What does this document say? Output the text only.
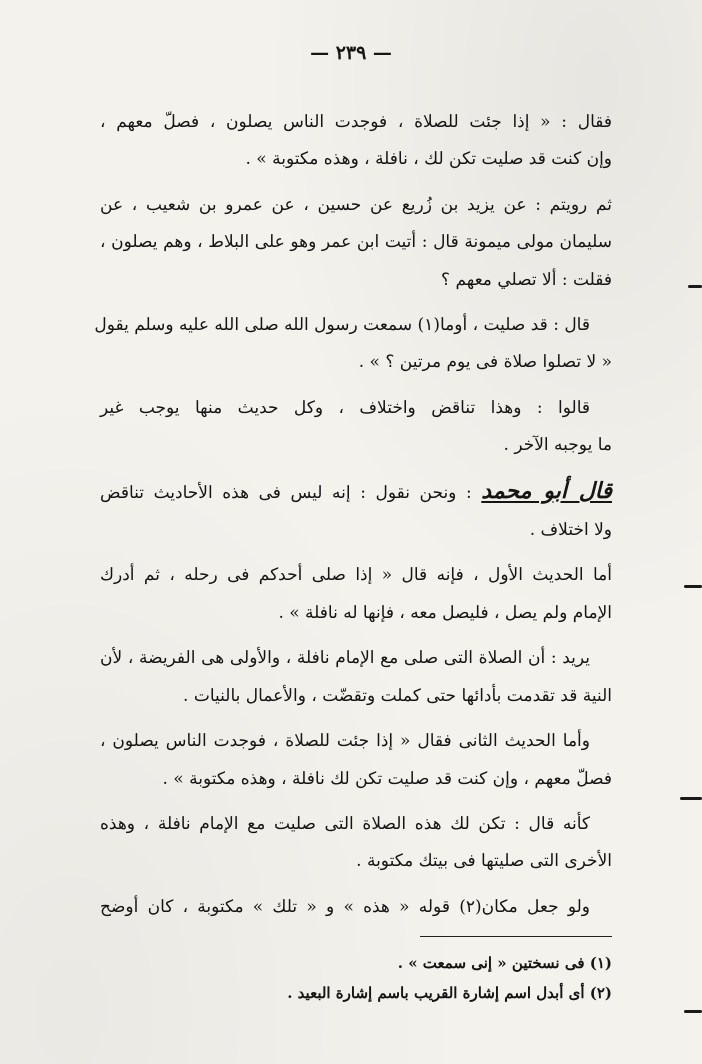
— ٢٣٩ —
فقال : « إذا جئت للصلاة ، فوجدت الناس يصلون ، فصلّ معهم ،
وإن كنت قد صليت تكن لك ، نافلة ، وهذه مكتوبة » .
ثم رويتم : عن يزيد بن زُريع عن حسين ، عن عمرو بن شعيب ، عن
سليمان مولى ميمونة قال : أتيت ابن عمر وهو على البلاط ، وهم يصلون ،
فقلت : ألا تصلي معهم ؟
قال : قد صليت ، أوما(١) سمعت رسول الله صلى الله عليه وسلم يقول
« لا تصلوا صلاة فى يوم مرتين ؟ » .
قالوا : وهذا تناقض واختلاف ، وكل حديث منها يوجب غير
ما يوجبه الآخر .
قال أبو محمد : ونحن نقول : إنه ليس فى هذه الأحاديث تناقض
ولا اختلاف .
أما الحديث الأول ، فإنه قال « إذا صلى أحدكم فى رحله ، ثم أدرك
الإمام ولم يصل ، فليصل معه ، فإنها له نافلة » .
يريد : أن الصلاة التى صلى مع الإمام نافلة ، والأولى هى الفريضة ، لأن
النية قد تقدمت بأدائها حتى كملت وتقضّت ، والأعمال بالنيات .
وأما الحديث الثانى فقال « إذا جئت للصلاة ، فوجدت الناس يصلون ،
فصلّ معهم ، وإن كنت قد صليت تكن لك نافلة ، وهذه مكتوبة » .
كأنه قال : تكن لك هذه الصلاة التى صليت مع الإمام نافلة ، وهذه
الأخرى التى صليتها فى بيتك مكتوبة .
ولو جعل مكان(٢) قوله « هذه » و « تلك » مكتوبة ، كان أوضح
(١) فى نسختين « إنى سمعت » .
(٢) أى أبدل اسم إشارة القريب باسم إشارة البعيد .
